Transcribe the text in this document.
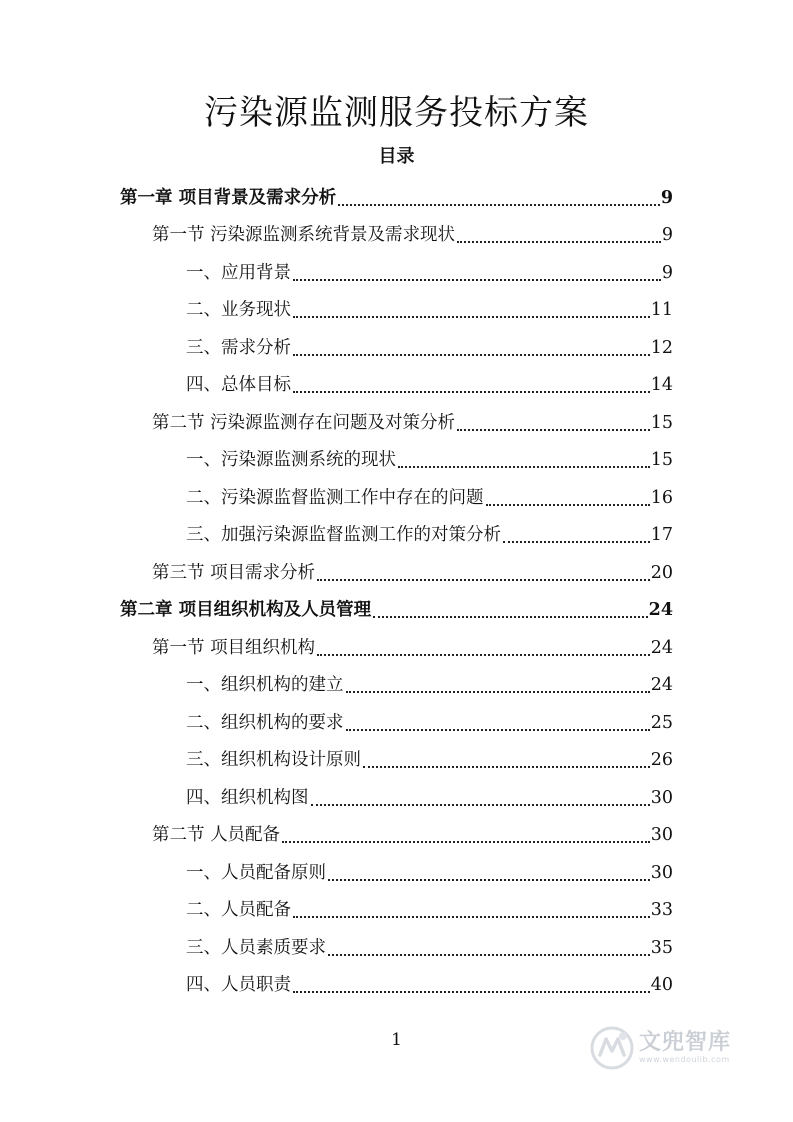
污染源监测服务投标方案
目录
第一章 项目背景及需求分析	9
第一节 污染源监测系统背景及需求现状	9
一、应用背景	9
二、业务现状	11
三、需求分析	12
四、总体目标	14
第二节 污染源监测存在问题及对策分析	15
一、污染源监测系统的现状	15
二、污染源监督监测工作中存在的问题	16
三、加强污染源监督监测工作的对策分析	17
第三节 项目需求分析	20
第二章 项目组织机构及人员管理	24
第一节 项目组织机构	24
一、组织机构的建立	24
二、组织机构的要求	25
三、组织机构设计原则	26
四、组织机构图	30
第二节 人员配备	30
一、人员配备原则	30
二、人员配备	33
三、人员素质要求	35
四、人员职责	40
1	文兜智库
www.wendoulib.com
